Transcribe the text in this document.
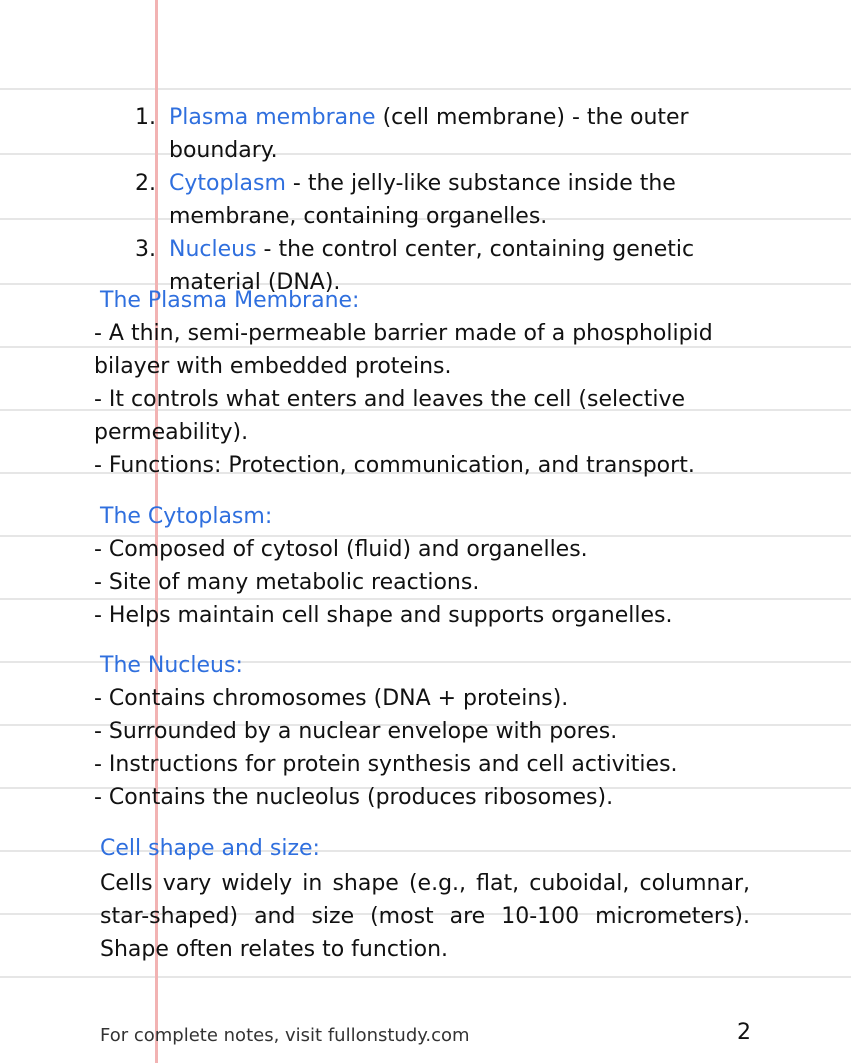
1. Plasma membrane (cell membrane) - the outer boundary.
2. Cytoplasm - the jelly-like substance inside the membrane, containing organelles.
3. Nucleus - the control center, containing genetic material (DNA).
The Plasma Membrane:
- A thin, semi-permeable barrier made of a phospholipid bilayer with embedded proteins.
- It controls what enters and leaves the cell (selective permeability).
- Functions: Protection, communication, and transport.
The Cytoplasm:
- Composed of cytosol (fluid) and organelles.
- Site of many metabolic reactions.
- Helps maintain cell shape and supports organelles.
The Nucleus:
- Contains chromosomes (DNA + proteins).
- Surrounded by a nuclear envelope with pores.
- Instructions for protein synthesis and cell activities.
- Contains the nucleolus (produces ribosomes).
Cell shape and size:
Cells vary widely in shape (e.g., flat, cuboidal, columnar, star-shaped) and size (most are 10-100 micrometers). Shape often relates to function.
For complete notes, visit fullonstudy.com	2
